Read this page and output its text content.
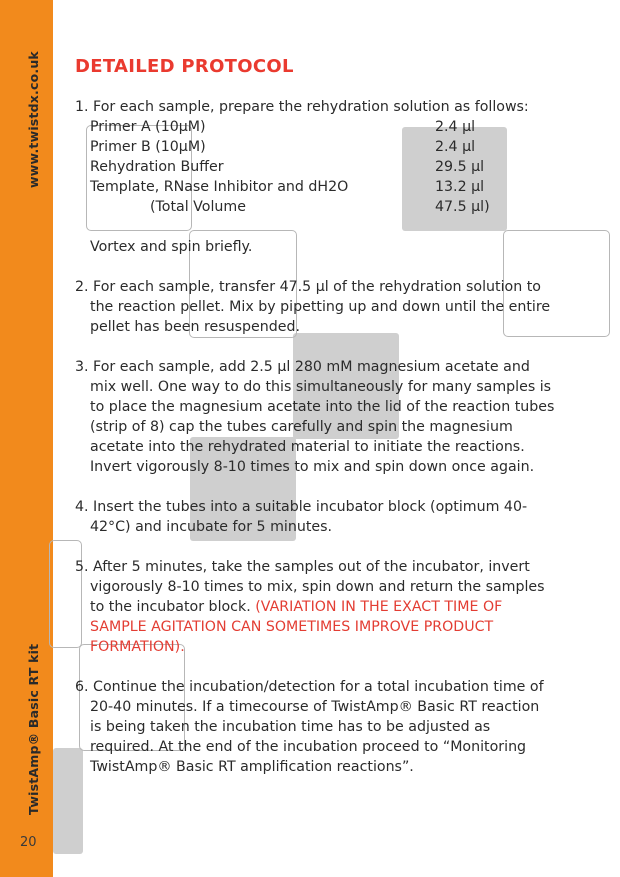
www.twistdx.co.uk
TwistAmp® Basic RT kit
20
DETAILED PROTOCOL

1. For each sample, prepare the rehydration solution as follows:

Primer A (10µM)	2.4 µl
Primer B (10µM)	2.4 µl
Rehydration Buffer	29.5 µl
Template, RNase Inhibitor and dH2O	13.2 µl
(Total Volume	47.5 µl)

Vortex and spin briefly.

2. For each sample, transfer 47.5 µl of the rehydration solution to the reaction pellet. Mix by pipetting up and down until the entire pellet has been resuspended.

3. For each sample, add 2.5 µl 280 mM magnesium acetate and mix well. One way to do this simultaneously for many samples is to place the magnesium acetate into the lid of the reaction tubes (strip of 8) cap the tubes carefully and spin the magnesium acetate into the rehydrated material to initiate the reactions. Invert vigorously 8-10 times to mix and spin down once again.

4. Insert the tubes into a suitable incubator block (optimum 40-42°C) and incubate for 5 minutes.

5. After 5 minutes, take the samples out of the incubator, invert vigorously 8-10 times to mix, spin down and return the samples to the incubator block. (VARIATION IN THE EXACT TIME OF SAMPLE AGITATION CAN SOMETIMES IMPROVE PRODUCT FORMATION).

6. Continue the incubation/detection for a total incubation time of 20-40 minutes. If a timecourse of TwistAmp® Basic RT reaction is being taken the incubation time has to be adjusted as required. At the end of the incubation proceed to “Monitoring TwistAmp® Basic RT amplification reactions”.
